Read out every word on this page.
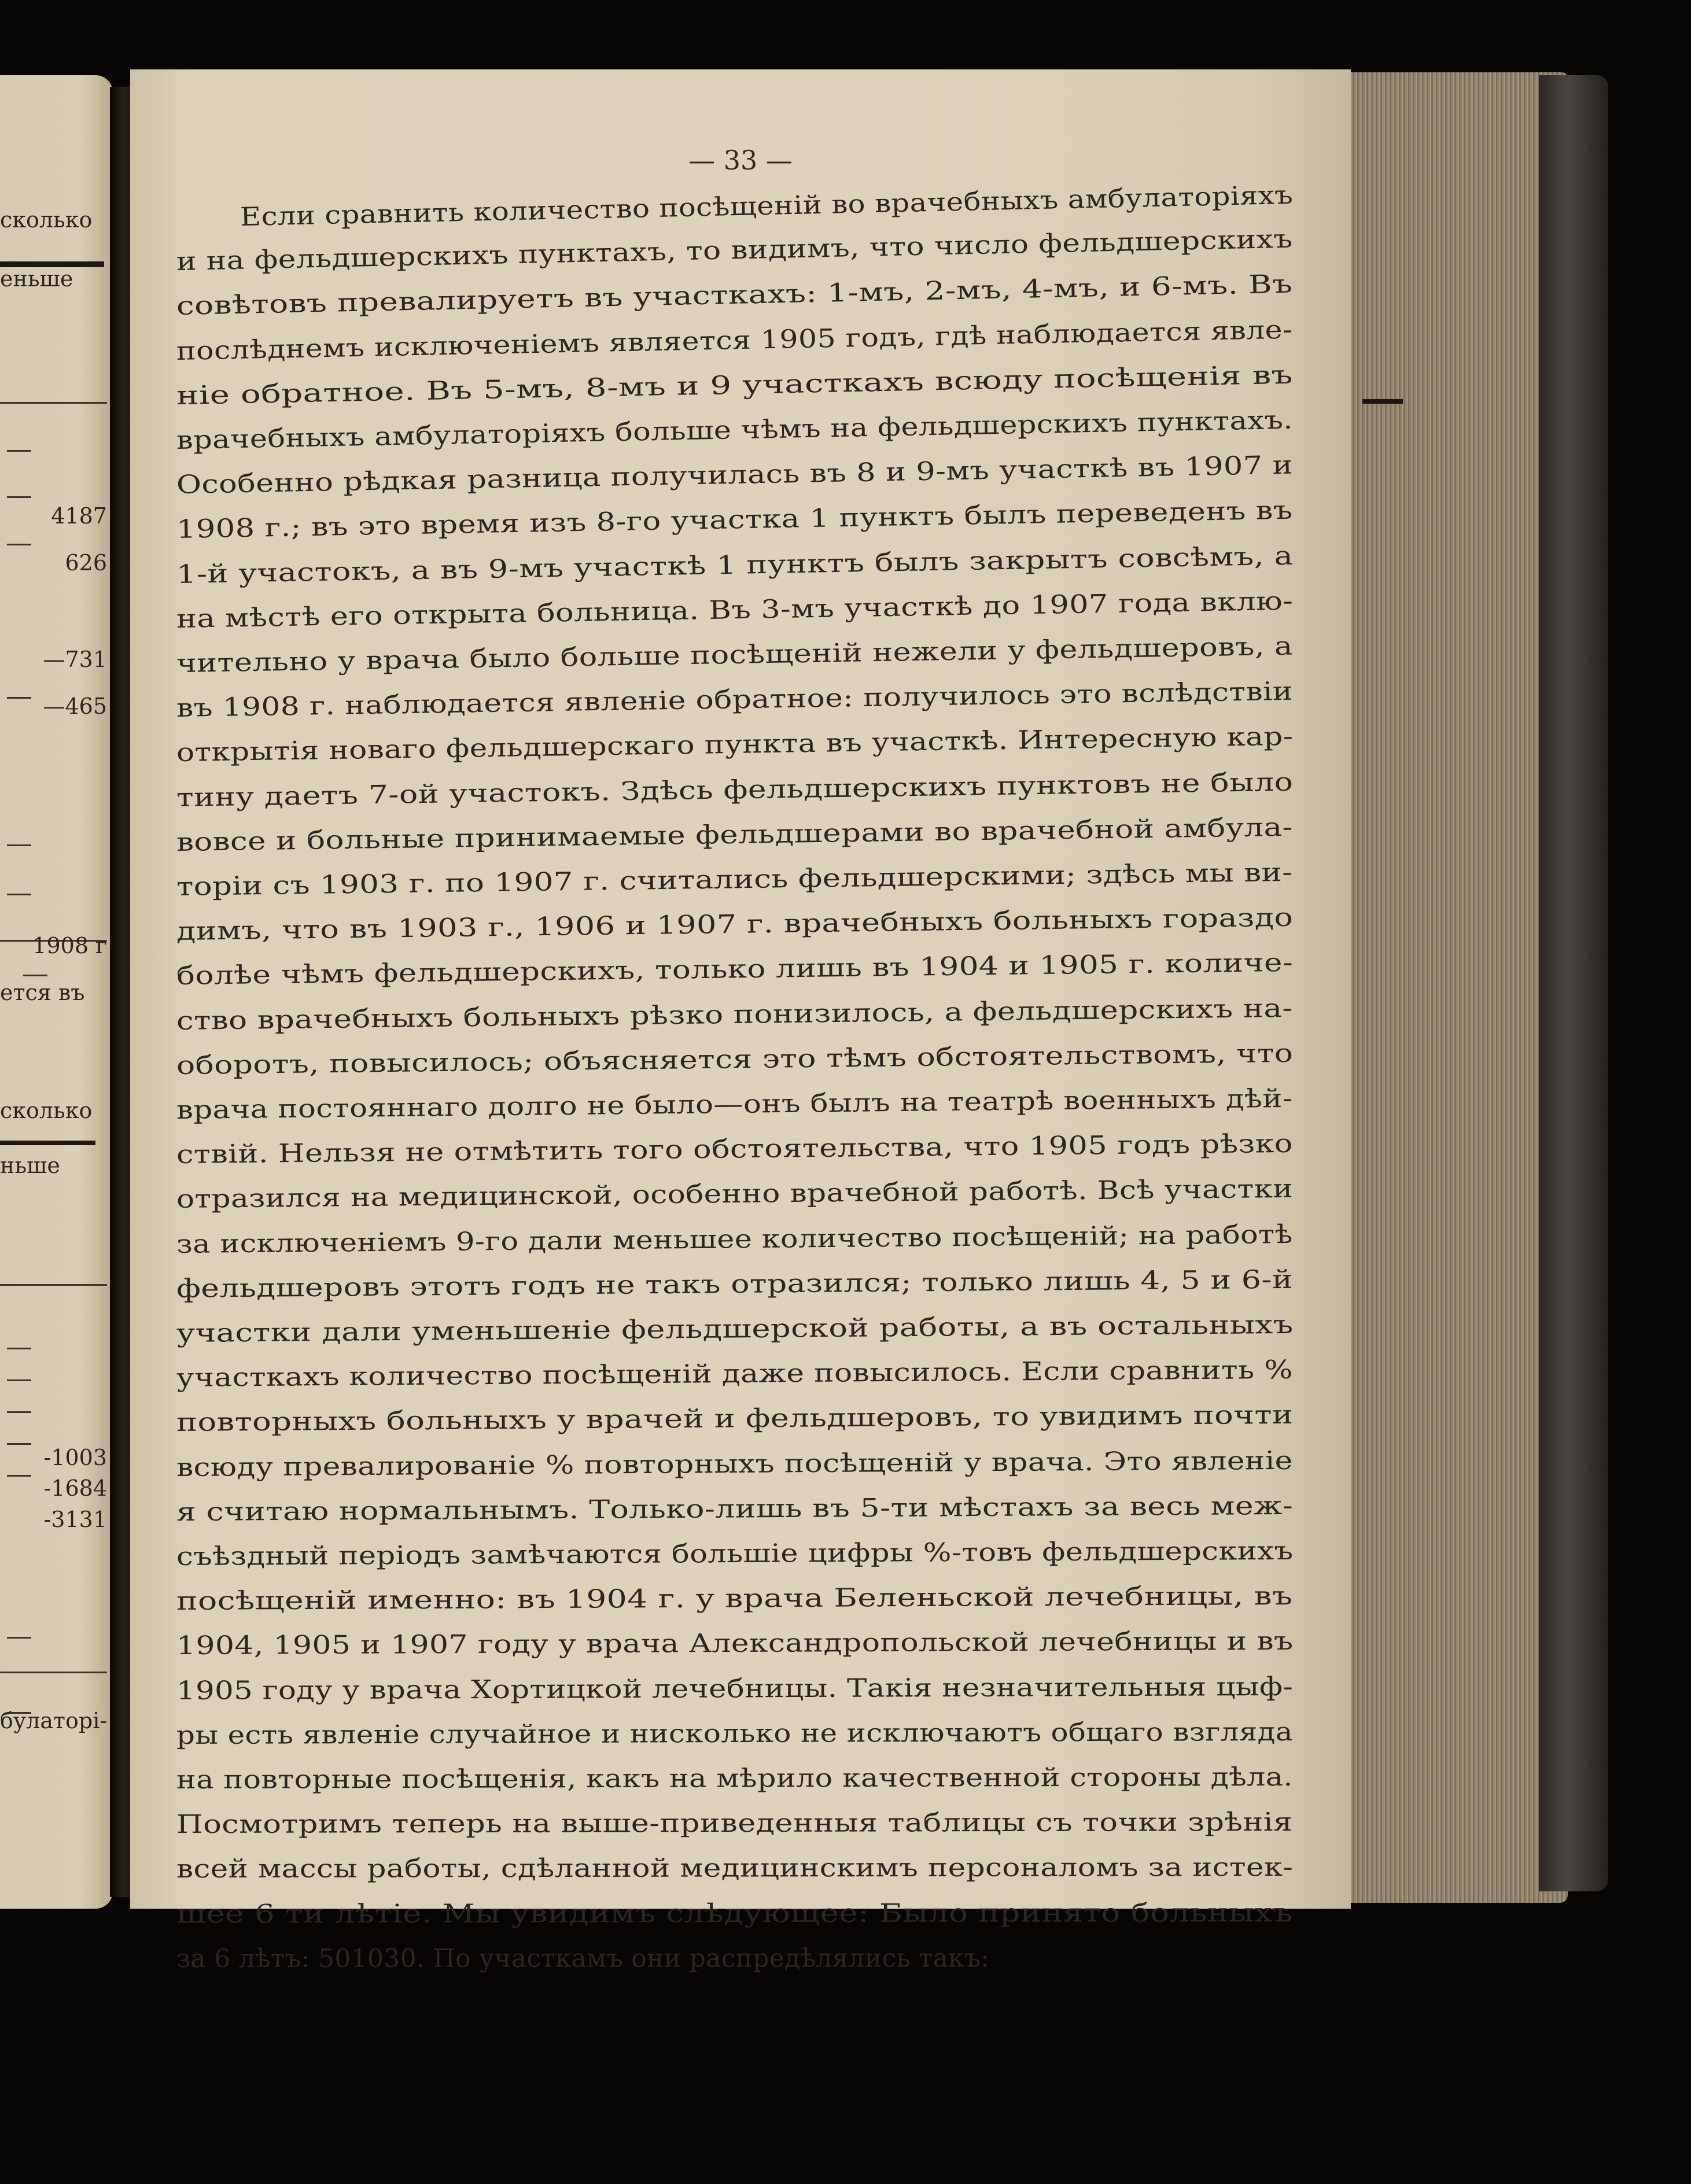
сколько
еньше
4187
626
—731
—465
1908 г
ется въ
сколько
ньше
-1003
-1684
-3131
булаторі-
— 33 —
Если сравнить количество посѣщеній во врачебныхъ амбулаторіяхъ
и на фельдшерскихъ пунктахъ, то видимъ, что число фельдшерскихъ
совѣтовъ превалируетъ въ участкахъ: 1-мъ, 2-мъ, 4-мъ, и 6-мъ. Въ
послѣднемъ исключеніемъ является 1905 годъ, гдѣ наблюдается явле-
ніе обратное. Въ 5-мъ, 8-мъ и 9 участкахъ всюду посѣщенія въ
врачебныхъ амбулаторіяхъ больше чѣмъ на фельдшерскихъ пунктахъ.
Особенно рѣдкая разница получилась въ 8 и 9-мъ участкѣ въ 1907 и
1908 г.; въ это время изъ 8-го участка 1 пунктъ былъ переведенъ въ
1-й участокъ, а въ 9-мъ участкѣ 1 пунктъ былъ закрытъ совсѣмъ, а
на мѣстѣ его открыта больница. Въ 3-мъ участкѣ до 1907 года вклю-
чительно у врача было больше посѣщеній нежели у фельдшеровъ, а
въ 1908 г. наблюдается явленіе обратное: получилось это вслѣдствіи
открытія новаго фельдшерскаго пункта въ участкѣ. Интересную кар-
тину даетъ 7-ой участокъ. Здѣсь фельдшерскихъ пунктовъ не было
вовсе и больные принимаемые фельдшерами во врачебной амбула-
торіи съ 1903 г. по 1907 г. считались фельдшерскими; здѣсь мы ви-
димъ, что въ 1903 г., 1906 и 1907 г. врачебныхъ больныхъ гораздо
болѣе чѣмъ фельдшерскихъ, только лишь въ 1904 и 1905 г. количе-
ство врачебныхъ больныхъ рѣзко понизилось, а фельдшерскихъ на-
оборотъ, повысилось; объясняется это тѣмъ обстоятельствомъ, что
врача постояннаго долго не было—онъ былъ на театрѣ военныхъ дѣй-
ствій. Нельзя не отмѣтить того обстоятельства, что 1905 годъ рѣзко
отразился на медицинской, особенно врачебной работѣ. Всѣ участки
за исключеніемъ 9-го дали меньшее количество посѣщеній; на работѣ
фельдшеровъ этотъ годъ не такъ отразился; только лишь 4, 5 и 6-й
участки дали уменьшеніе фельдшерской работы, а въ остальныхъ
участкахъ количество посѣщеній даже повысилось. Если сравнить %
повторныхъ больныхъ у врачей и фельдшеровъ, то увидимъ почти
всюду превалированіе % повторныхъ посѣщеній у врача. Это явленіе
я считаю нормальнымъ. Только-лишь въ 5-ти мѣстахъ за весь меж-
съѣздный періодъ замѣчаются большіе цифры %-товъ фельдшерскихъ
посѣщеній именно: въ 1904 г. у врача Беленьской лечебницы, въ
1904, 1905 и 1907 году у врача Александропольской лечебницы и въ
1905 году у врача Хортицкой лечебницы. Такія незначительныя цыф-
ры есть явленіе случайное и нисколько не исключаютъ общаго взгляда
на повторные посѣщенія, какъ на мѣрило качественной стороны дѣла.
Посмотримъ теперь на выше-приведенныя таблицы съ точки зрѣнія
всей массы работы, сдѣланной медицинскимъ персоналомъ за истек-
шее 6 ти лѣтіе. Мы увидимъ слѣдующее: Было принято больныхъ
за 6 лѣтъ: 501030. По участкамъ они распредѣлялись такъ:
